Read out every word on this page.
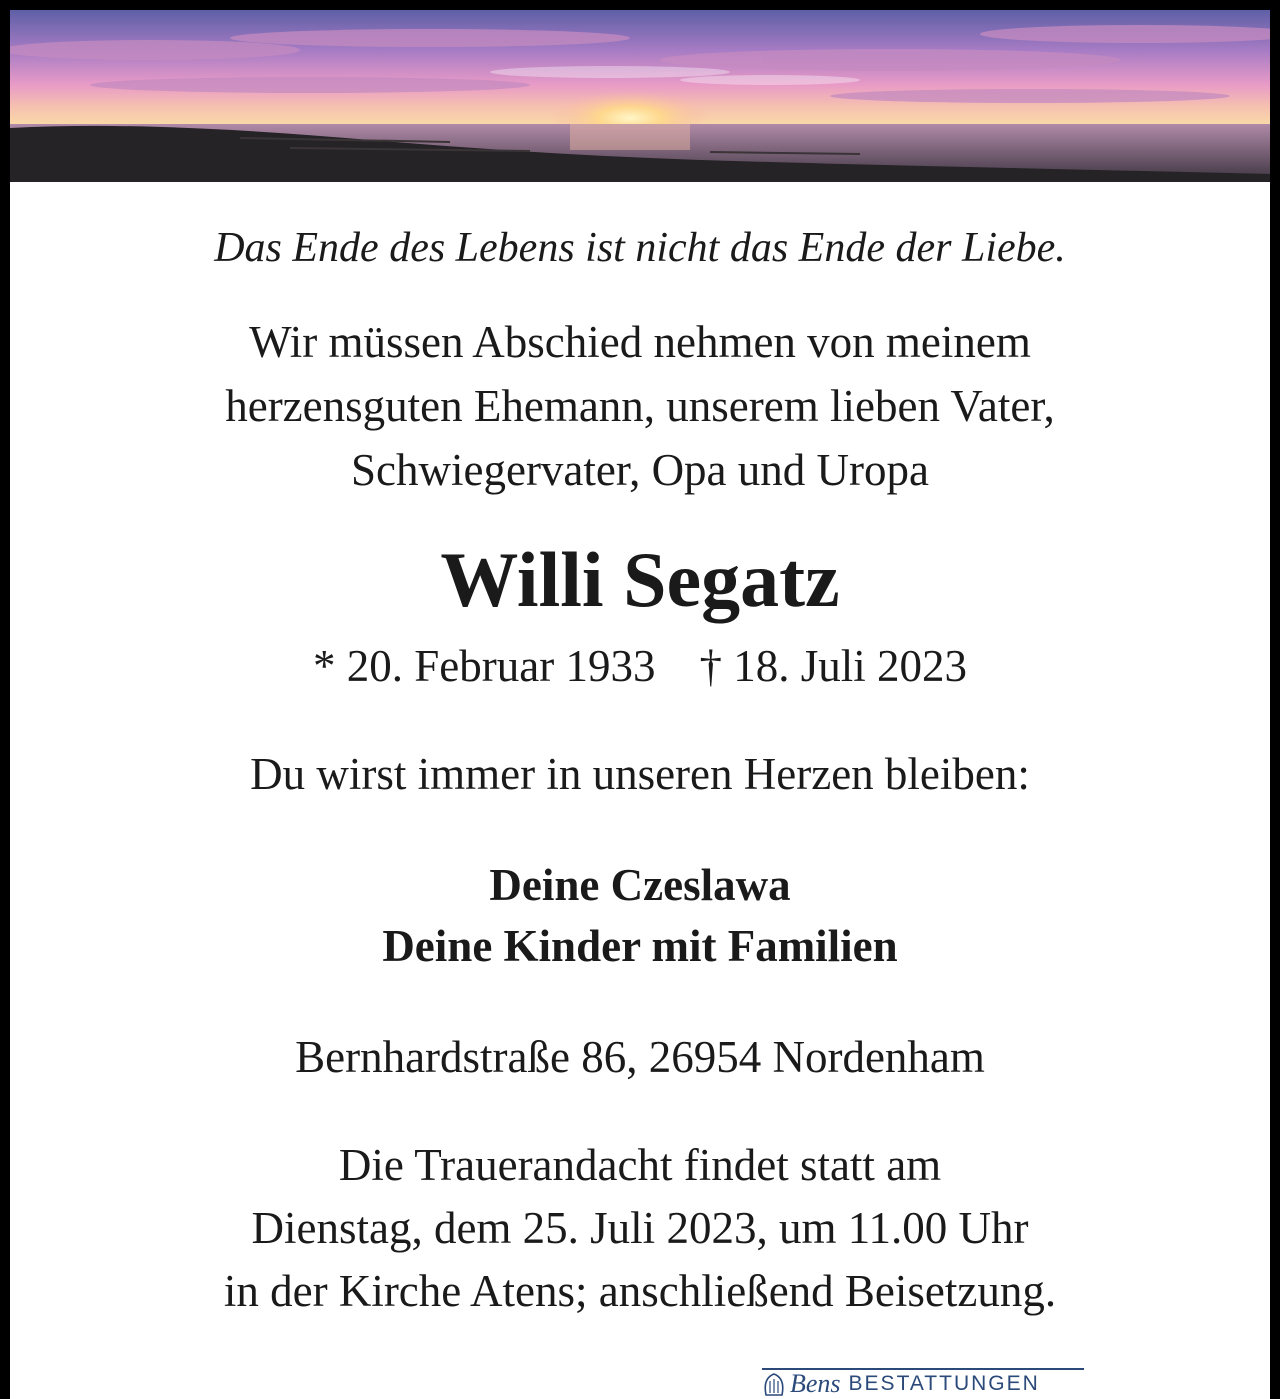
Das Ende des Lebens ist nicht das Ende der Liebe.

Wir müssen Abschied nehmen von meinem
herzensguten Ehemann, unserem lieben Vater,
Schwiegervater, Opa und Uropa
Willi Segatz
* 20. Februar 1933 † 18. Juli 2023

Du wirst immer in unseren Herzen bleiben:

Deine Czeslawa
Deine Kinder mit Familien

Bernhardstraße 86, 26954 Nordenham

Die Trauerandacht findet statt am
Dienstag, dem 25. Juli 2023, um 11.00 Uhr
in der Kirche Atens; anschließend Beisetzung.
Bens BESTATTUNGEN
